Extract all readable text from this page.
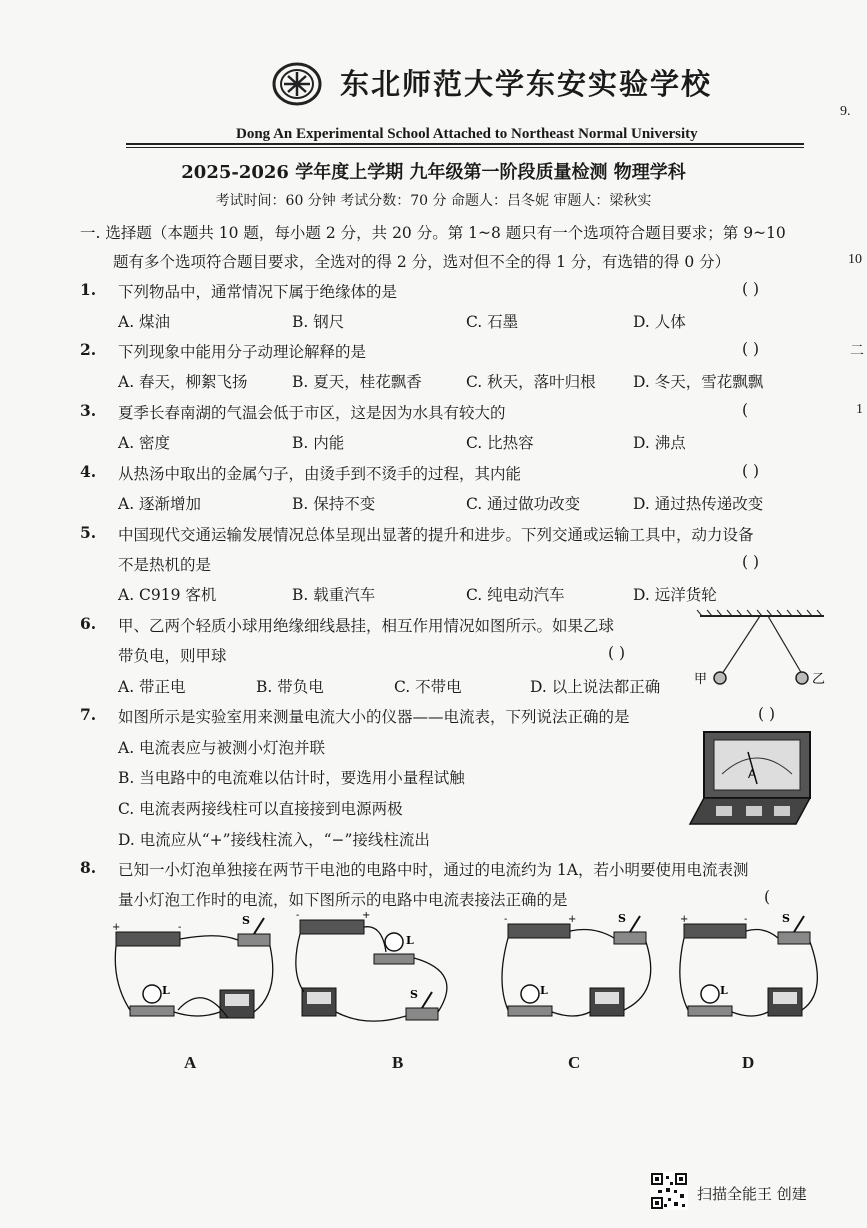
东北师范大学东安实验学校
Dong An Experimental School Attached to Northeast Normal University
2025-2026 学年度上学期 九年级第一阶段质量检测 物理学科
考试时间：60 分钟 考试分数：70 分 命题人：吕冬妮 审题人：梁秋实
一. 选择题（本题共 10 题，每小题 2 分，共 20 分。第 1~8 题只有一个选项符合题目要求；第 9~10
题有多个选项符合题目要求，全选对的得 2 分，选对但不全的得 1 分，有选错的得 0 分）
1. 下列物品中，通常情况下属于绝缘体的是	( )
A. 煤油	B. 钢尺	C. 石墨	D. 人体
2. 下列现象中能用分子动理论解释的是	( )
A. 春天，柳絮飞扬	B. 夏天，桂花飘香	C. 秋天，落叶归根 D. 冬天，雪花飘飘
3. 夏季长春南湖的气温会低于市区，这是因为水具有较大的	(
A. 密度	B. 内能	C. 比热容	D. 沸点
4. 从热汤中取出的金属勺子，由烫手到不烫手的过程，其内能	( )
A. 逐渐增加	B. 保持不变	C. 通过做功改变	D. 通过热传递改变
5. 中国现代交通运输发展情况总体呈现出显著的提升和进步。下列交通或运输工具中，动力设备
不是热机的是	( )
A. C919 客机	B. 载重汽车	C. 纯电动汽车	D. 远洋货轮
6. 甲、乙两个轻质小球用绝缘细线悬挂，相互作用情况如图所示。如果乙球
带负电，则甲球	( )
A. 带正电	B. 带负电	C. 不带电	D. 以上说法都正确	甲	乙
7. 如图所示是实验室用来测量电流大小的仪器——电流表，下列说法正确的是	( )
A. 电流表应与被测小灯泡并联
B. 当电路中的电流难以估计时，要选用小量程试触
C. 电流表两接线柱可以直接接到电源两极
D. 电流应从“+”接线柱流入，“−”接线柱流出
A
8. 已知一小灯泡单独接在两节干电池的电路中时，通过的电流约为 1A，若小明要使用电流表测
量小灯泡工作时的电流，如下图所示的电路中电流表接法正确的是	(
+	-
S
L
A
-	+
L
S
B
-	+	S
L
C
+	-	S
L
D
9.
10
二
1
扫描全能王 创建
